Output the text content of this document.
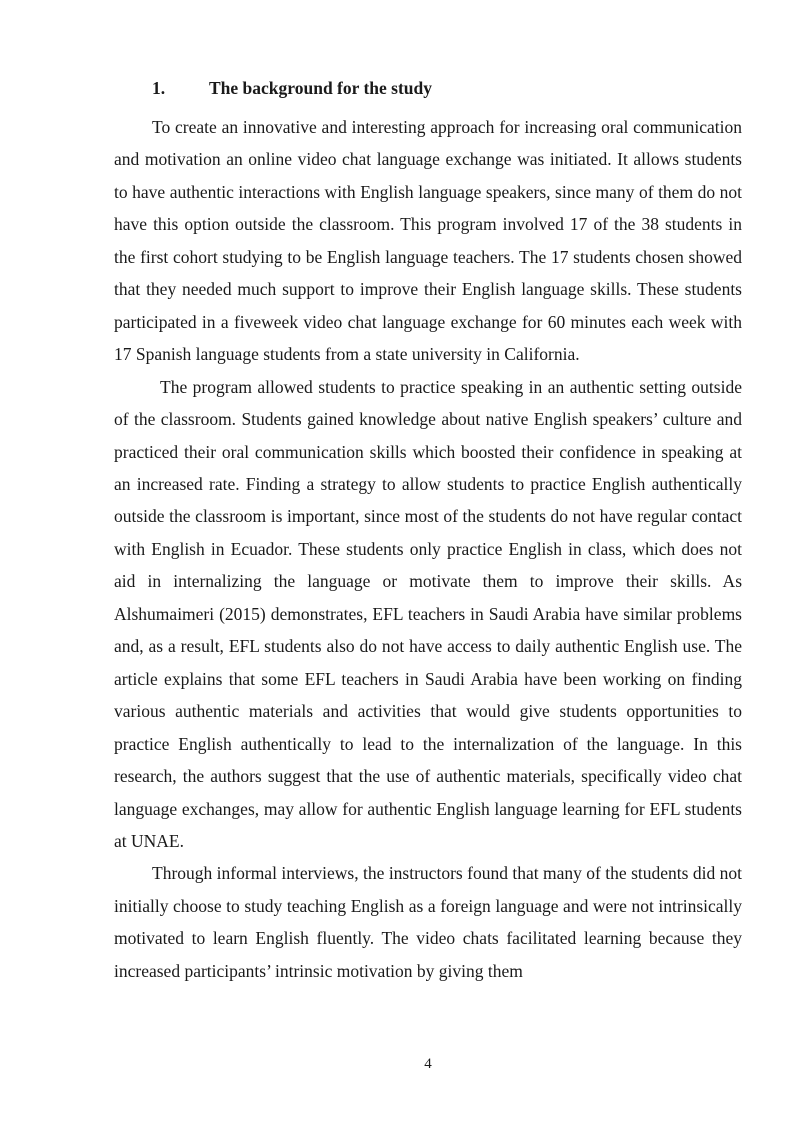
1.	The background for the study

To create an innovative and interesting approach for increasing oral communication and motivation an online video chat language exchange was initiated. It allows students to have authentic interactions with English language speakers, since many of them do not have this option outside the classroom. This program involved 17 of the 38 students in the first cohort studying to be English language teachers. The 17 students chosen showed that they needed much support to improve their English language skills. These students participated in a fiveweek video chat language exchange for 60 minutes each week with 17 Spanish language students from a state university in California.

The program allowed students to practice speaking in an authentic setting outside of the classroom. Students gained knowledge about native English speakers’ culture and practiced their oral communication skills which boosted their confidence in speaking at an increased rate. Finding a strategy to allow students to practice English authentically outside the classroom is important, since most of the students do not have regular contact with English in Ecuador. These students only practice English in class, which does not aid in internalizing the language or motivate them to improve their skills. As Alshumaimeri (2015) demonstrates, EFL teachers in Saudi Arabia have similar problems and, as a result, EFL students also do not have access to daily authentic English use. The article explains that some EFL teachers in Saudi Arabia have been working on finding various authentic materials and activities that would give students opportunities to practice English authentically to lead to the internalization of the language. In this research, the authors suggest that the use of authentic materials, specifically video chat language exchanges, may allow for authentic English language learning for EFL students at UNAE.

Through informal interviews, the instructors found that many of the students did not initially choose to study teaching English as a foreign language and were not intrinsically motivated to learn English fluently. The video chats facilitated learning because they increased participants’ intrinsic motivation by giving them

4
